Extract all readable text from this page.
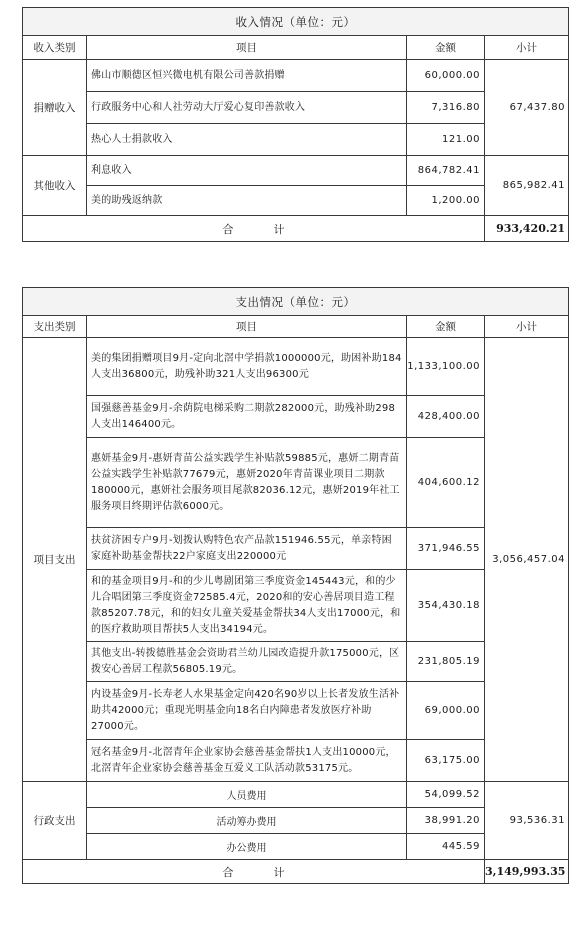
收入情况（单位：元）			
收入类别	项目	金额	小计
捐赠收入	佛山市顺德区恒兴微电机有限公司善款捐赠	60,000.00	67,437.80
	行政服务中心和人社劳动大厅爱心复印善款收入	7,316.80	
	热心人士捐款收入	121.00	
其他收入	利息收入	864,782.41	865,982.41
	美的助残返纳款	1,200.00	
合计			933,420.21
支出情况（单位：元）			
支出类别	项目	金额	小计
项目支出	美的集团捐赠项目9月-定向北滘中学捐款1000000元，助困补助184人支出36800元，助残补助321人支出96300元	1,133,100.00	3,056,457.04
	国强慈善基金9月-余荫院电梯采购二期款282000元，助残补助298人支出146400元。	428,400.00	
	惠妍基金9月-惠妍青苗公益实践学生补贴款59885元，惠妍二期青苗公益实践学生补贴款77679元，惠妍2020年青苗课业项目二期款180000元，惠妍社会服务项目尾款82036.12元，惠妍2019年社工服务项目终期评估款6000元。	404,600.12	
	扶贫济困专户9月-划拨认购特色农产品款151946.55元，单亲特困家庭补助基金帮扶22户家庭支出220000元	371,946.55	
	和的基金项目9月-和的少儿粤剧团第三季度资金145443元，和的少儿合唱团第三季度资金72585.4元，2020和的安心善居项目造工程款85207.78元，和的妇女儿童关爱基金帮扶34人支出17000元，和的医疗救助项目帮扶5人支出34194元。	354,430.18	
	其他支出-转拨德胜基金会资助君兰幼儿园改造提升款175000元，区拨安心善居工程款56805.19元。	231,805.19	
	内设基金9月-长寿老人水果基金定向420名90岁以上长者发放生活补助共42000元；重现光明基金向18名白内障患者发放医疗补助27000元。	69,000.00	
	冠名基金9月-北滘青年企业家协会慈善基金帮扶1人支出10000元，北滘青年企业家协会慈善基金互爱义工队活动款53175元。	63,175.00	
行政支出	人员费用	54,099.52	93,536.31
	活动筹办费用	38,991.20	
	办公费用	445.59	
合计			3,149,993.35
